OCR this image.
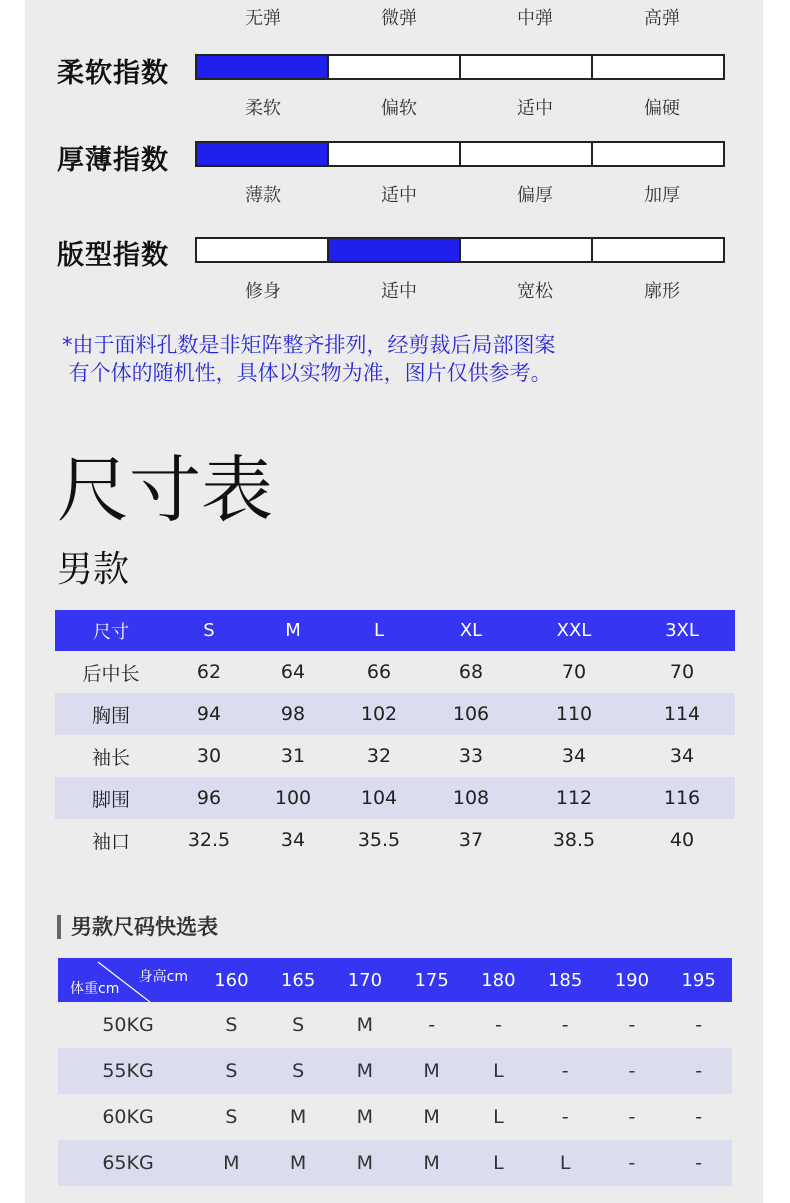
无弹	微弹	中弹	高弹
柔软指数
柔软	偏软	适中	偏硬
厚薄指数
薄款	适中	偏厚	加厚
版型指数
修身	适中	宽松	廓形
*由于面料孔数是非矩阵整齐排列，经剪裁后局部图案
有个体的随机性，具体以实物为准，图片仅供参考。
尺寸表
男款
尺寸	S	M	L	XL	XXL	3XL
后中长	62	64	66	68	70	70
胸围	94	98	102	106	110	114
袖长	30	31	32	33	34	34
脚围	96	100	104	108	112	116
袖口	32.5	34	35.5	37	38.5	40
男款尺码快选表
身高cm
体重cm	160	165	170	175	180	185	190	195
50KG	S	S	M	-	-	-	-	-
55KG	S	S	M	M	L	-	-	-
60KG	S	M	M	M	L	-	-	-
65KG	M	M	M	M	L	L	-	-
